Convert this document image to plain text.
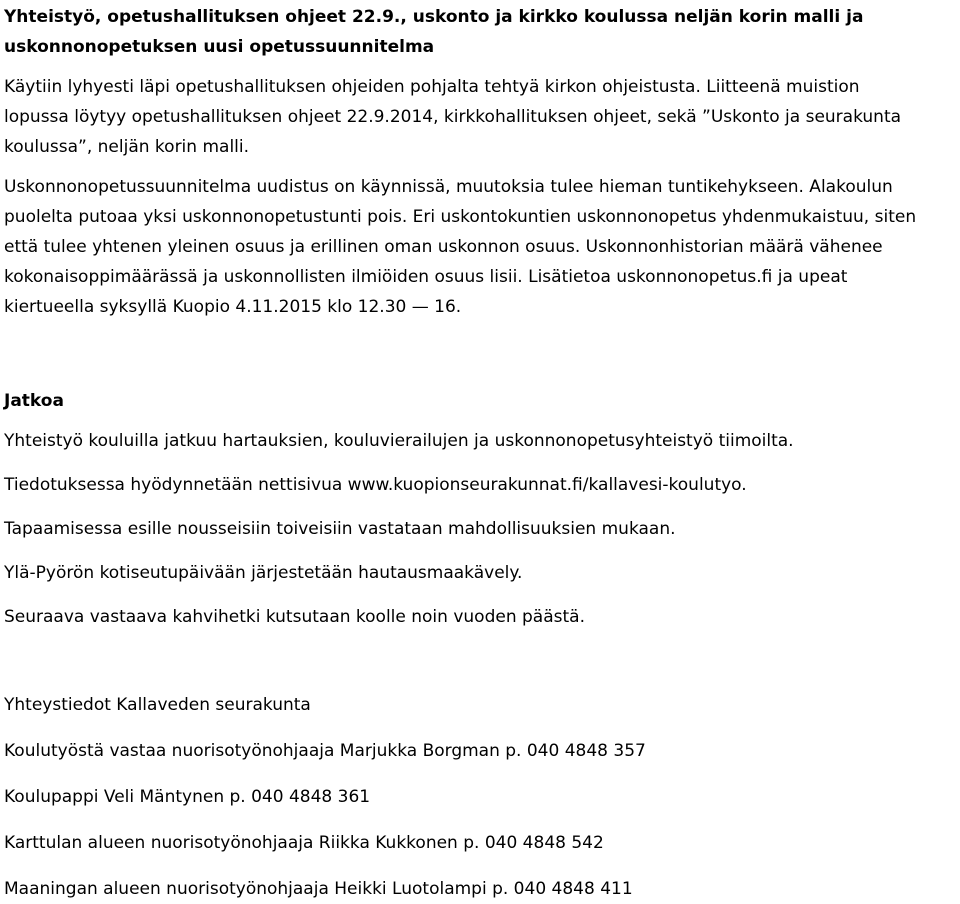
Yhteistyö, opetushallituksen ohjeet 22.9., uskonto ja kirkko koulussa neljän korin malli ja

uskonnonopetuksen uusi opetussuunnitelma

Käytiin lyhyesti läpi opetushallituksen ohjeiden pohjalta tehtyä kirkon ohjeistusta. Liitteenä muistion

lopussa löytyy opetushallituksen ohjeet 22.9.2014, kirkkohallituksen ohjeet, sekä ”Uskonto ja seurakunta

koulussa”, neljän korin malli.

Uskonnonopetussuunnitelma uudistus on käynnissä, muutoksia tulee hieman tuntikehykseen. Alakoulun

puolelta putoaa yksi uskonnonopetustunti pois. Eri uskontokuntien uskonnonopetus yhdenmukaistuu, siten

että tulee yhtenen yleinen osuus ja erillinen oman uskonnon osuus. Uskonnonhistorian määrä vähenee

kokonaisoppimäärässä ja uskonnollisten ilmiöiden osuus lisii. Lisätietoa uskonnonopetus.fi ja upeat

kiertueella syksyllä Kuopio 4.11.2015 klo 12.30 — 16.

Jatkoa

Yhteistyö kouluilla jatkuu hartauksien, kouluvierailujen ja uskonnonopetusyhteistyö tiimoilta.

Tiedotuksessa hyödynnetään nettisivua www.kuopionseurakunnat.fi/kallavesi-koulutyo.

Tapaamisessa esille nousseisiin toiveisiin vastataan mahdollisuuksien mukaan.

Ylä-Pyörön kotiseutupäivään järjestetään hautausmaakävely.

Seuraava vastaava kahvihetki kutsutaan koolle noin vuoden päästä.

Yhteystiedot Kallaveden seurakunta

Koulutyöstä vastaa nuorisotyönohjaaja Marjukka Borgman p. 040 4848 357

Koulupappi Veli Mäntynen p. 040 4848 361

Karttulan alueen nuorisotyönohjaaja Riikka Kukkonen p. 040 4848 542

Maaningan alueen nuorisotyönohjaaja Heikki Luotolampi p. 040 4848 411
